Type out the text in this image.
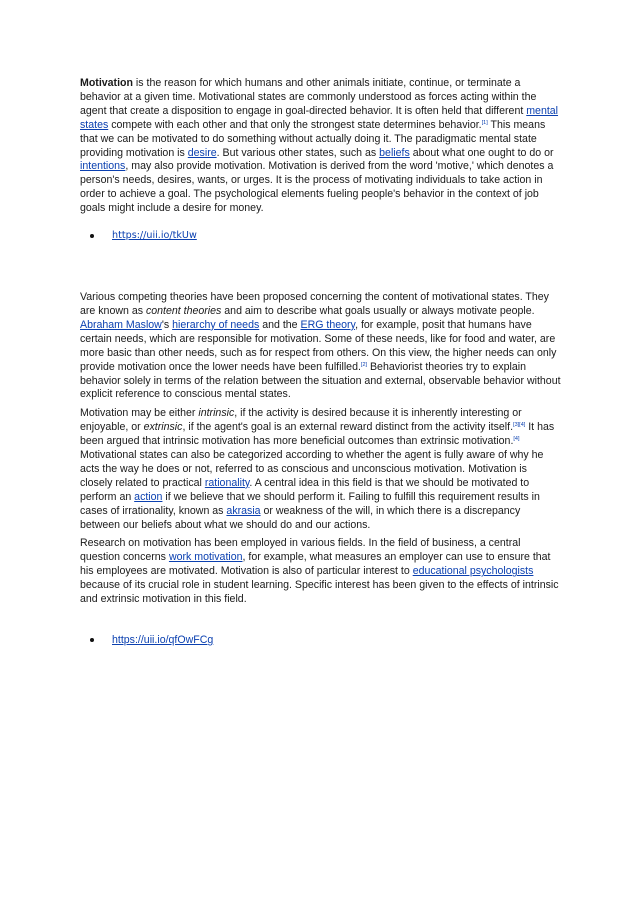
Motivation is the reason for which humans and other animals initiate, continue, or terminate a behavior at a given time. Motivational states are commonly understood as forces acting within the agent that create a disposition to engage in goal-directed behavior. It is often held that different mental states compete with each other and that only the strongest state determines behavior.[1] This means that we can be motivated to do something without actually doing it. The paradigmatic mental state providing motivation is desire. But various other states, such as beliefs about what one ought to do or intentions, may also provide motivation. Motivation is derived from the word 'motive,' which denotes a person's needs, desires, wants, or urges. It is the process of motivating individuals to take action in order to achieve a goal. The psychological elements fueling people's behavior in the context of job goals might include a desire for money.

https://uii.io/tkUw

Various competing theories have been proposed concerning the content of motivational states. They are known as content theories and aim to describe what goals usually or always motivate people. Abraham Maslow's hierarchy of needs and the ERG theory, for example, posit that humans have certain needs, which are responsible for motivation. Some of these needs, like for food and water, are more basic than other needs, such as for respect from others. On this view, the higher needs can only provide motivation once the lower needs have been fulfilled.[2] Behaviorist theories try to explain behavior solely in terms of the relation between the situation and external, observable behavior without explicit reference to conscious mental states.

Motivation may be either intrinsic, if the activity is desired because it is inherently interesting or enjoyable, or extrinsic, if the agent's goal is an external reward distinct from the activity itself.[3][4] It has been argued that intrinsic motivation has more beneficial outcomes than extrinsic motivation.[4] Motivational states can also be categorized according to whether the agent is fully aware of why he acts the way he does or not, referred to as conscious and unconscious motivation. Motivation is closely related to practical rationality. A central idea in this field is that we should be motivated to perform an action if we believe that we should perform it. Failing to fulfill this requirement results in cases of irrationality, known as akrasia or weakness of the will, in which there is a discrepancy between our beliefs about what we should do and our actions.

Research on motivation has been employed in various fields. In the field of business, a central question concerns work motivation, for example, what measures an employer can use to ensure that his employees are motivated. Motivation is also of particular interest to educational psychologists because of its crucial role in student learning. Specific interest has been given to the effects of intrinsic and extrinsic motivation in this field.

https://uii.io/qfOwFCg
